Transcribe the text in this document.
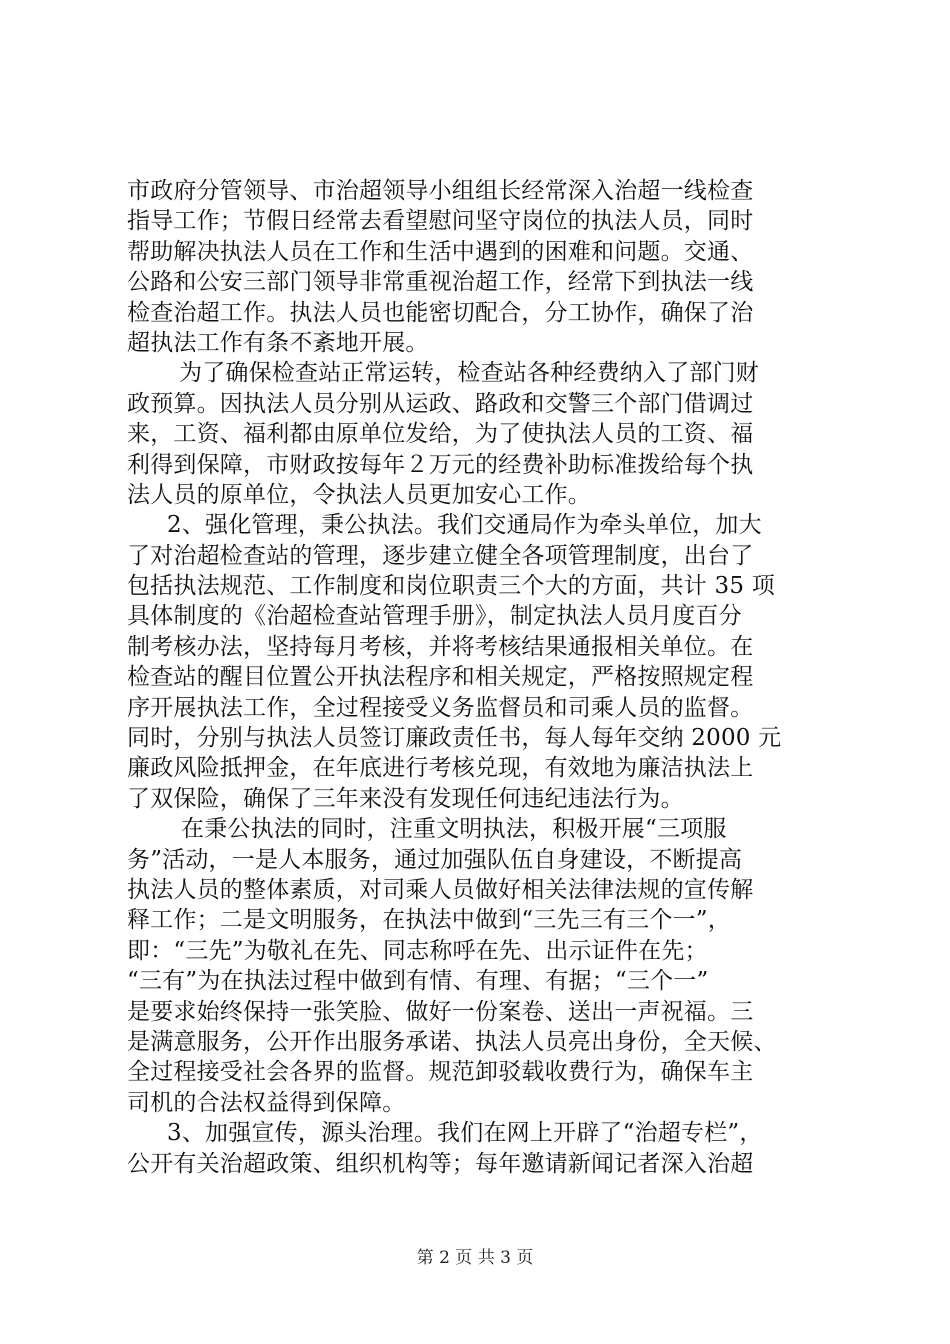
市政府分管领导、市治超领导小组组长经常深入治超一线检查
指导工作；节假日经常去看望慰问坚守岗位的执法人员，同时
帮助解决执法人员在工作和生活中遇到的困难和问题。交通、
公路和公安三部门领导非常重视治超工作，经常下到执法一线
检查治超工作。执法人员也能密切配合，分工协作，确保了治
超执法工作有条不紊地开展。
为了确保检查站正常运转，检查站各种经费纳入了部门财
政预算。因执法人员分别从运政、路政和交警三个部门借调过
来，工资、福利都由原单位发给，为了使执法人员的工资、福
利得到保障，市财政按每年２万元的经费补助标准拨给每个执
法人员的原单位，令执法人员更加安心工作。
2、强化管理，秉公执法。我们交通局作为牵头单位，加大
了对治超检查站的管理，逐步建立健全各项管理制度，出台了
包括执法规范、工作制度和岗位职责三个大的方面，共计 35 项
具体制度的《治超检查站管理手册》，制定执法人员月度百分
制考核办法，坚持每月考核，并将考核结果通报相关单位。在
检查站的醒目位置公开执法程序和相关规定，严格按照规定程
序开展执法工作，全过程接受义务监督员和司乘人员的监督。
同时，分别与执法人员签订廉政责任书，每人每年交纳 2000 元
廉政风险抵押金，在年底进行考核兑现，有效地为廉洁执法上
了双保险，确保了三年来没有发现任何违纪违法行为。
在秉公执法的同时，注重文明执法，积极开展“三项服
务”活动，一是人本服务，通过加强队伍自身建设，不断提高
执法人员的整体素质，对司乘人员做好相关法律法规的宣传解
释工作；二是文明服务，在执法中做到“三先三有三个一”，
即：“三先”为敬礼在先、同志称呼在先、出示证件在先；
“三有”为在执法过程中做到有情、有理、有据；“三个一”
是要求始终保持一张笑脸、做好一份案卷、送出一声祝福。三
是满意服务，公开作出服务承诺、执法人员亮出身份，全天候、
全过程接受社会各界的监督。规范卸驳载收费行为，确保车主
司机的合法权益得到保障。
3、加强宣传，源头治理。我们在网上开辟了“治超专栏”，
公开有关治超政策、组织机构等；每年邀请新闻记者深入治超
第 2 页 共 3 页
